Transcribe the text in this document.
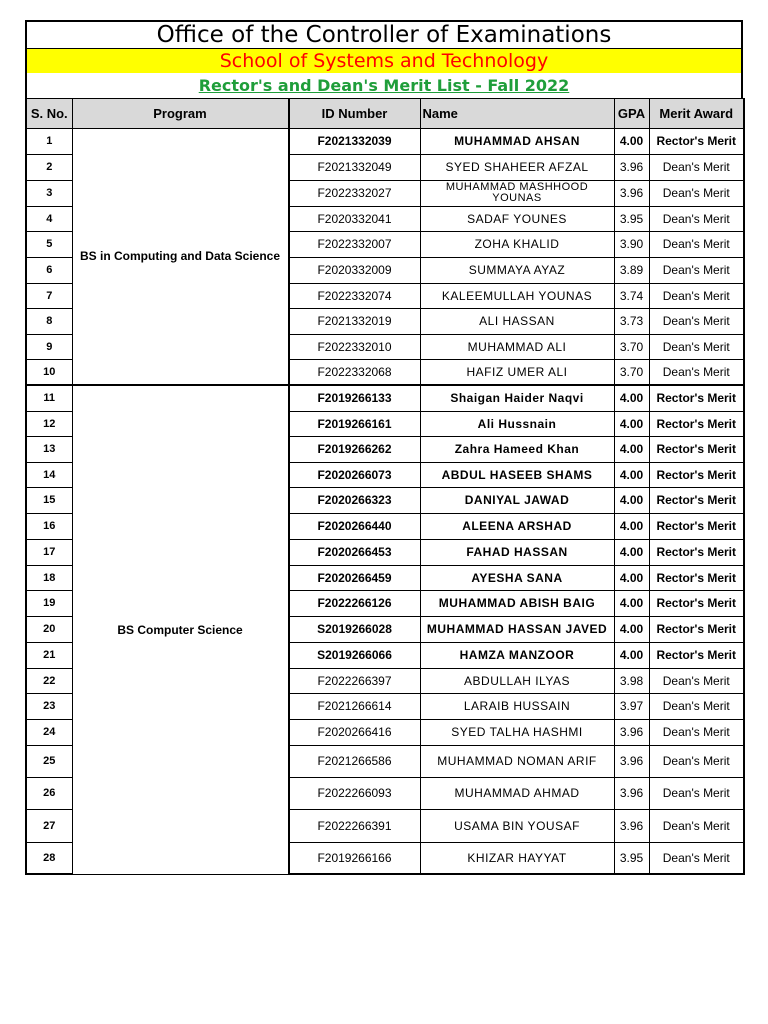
Office of the Controller of Examinations
School of Systems and Technology
Rector's and Dean's Merit List - Fall 2022
S. No.	Program		ID Number	Name	GPA	Merit Award
1	BS in Computing and Data Science		F2021332039	MUHAMMAD AHSAN	4.00	Rector's Merit
2		F2021332049	SYED SHAHEER AFZAL	3.96	Dean's Merit
3		F2022332027	MUHAMMAD MASHHOOD YOUNAS	3.96	Dean's Merit
4		F2020332041	SADAF YOUNES	3.95	Dean's Merit
5		F2022332007	ZOHA KHALID	3.90	Dean's Merit
6		F2020332009	SUMMAYA AYAZ	3.89	Dean's Merit
7		F2022332074	KALEEMULLAH YOUNAS	3.74	Dean's Merit
8		F2021332019	ALI HASSAN	3.73	Dean's Merit
9		F2022332010	MUHAMMAD ALI	3.70	Dean's Merit
10		F2022332068	HAFIZ UMER ALI	3.70	Dean's Merit
11	BS Computer Science		F2019266133	Shaigan Haider Naqvi	4.00	Rector's Merit
12		F2019266161	Ali Hussnain	4.00	Rector's Merit
13		F2019266262	Zahra Hameed Khan	4.00	Rector's Merit
14		F2020266073	ABDUL HASEEB SHAMS	4.00	Rector's Merit
15		F2020266323	DANIYAL JAWAD	4.00	Rector's Merit
16		F2020266440	ALEENA ARSHAD	4.00	Rector's Merit
17		F2020266453	FAHAD HASSAN	4.00	Rector's Merit
18		F2020266459	AYESHA SANA	4.00	Rector's Merit
19		F2022266126	MUHAMMAD ABISH BAIG	4.00	Rector's Merit
20		S2019266028	MUHAMMAD HASSAN JAVED	4.00	Rector's Merit
21		S2019266066	HAMZA MANZOOR	4.00	Rector's Merit
22		F2022266397	ABDULLAH ILYAS	3.98	Dean's Merit
23		F2021266614	LARAIB HUSSAIN	3.97	Dean's Merit
24		F2020266416	SYED TALHA HASHMI	3.96	Dean's Merit
25		F2021266586	MUHAMMAD NOMAN ARIF	3.96	Dean's Merit
26		F2022266093	MUHAMMAD AHMAD	3.96	Dean's Merit
27		F2022266391	USAMA BIN YOUSAF	3.96	Dean's Merit
28		F2019266166	KHIZAR HAYYAT	3.95	Dean's Merit
